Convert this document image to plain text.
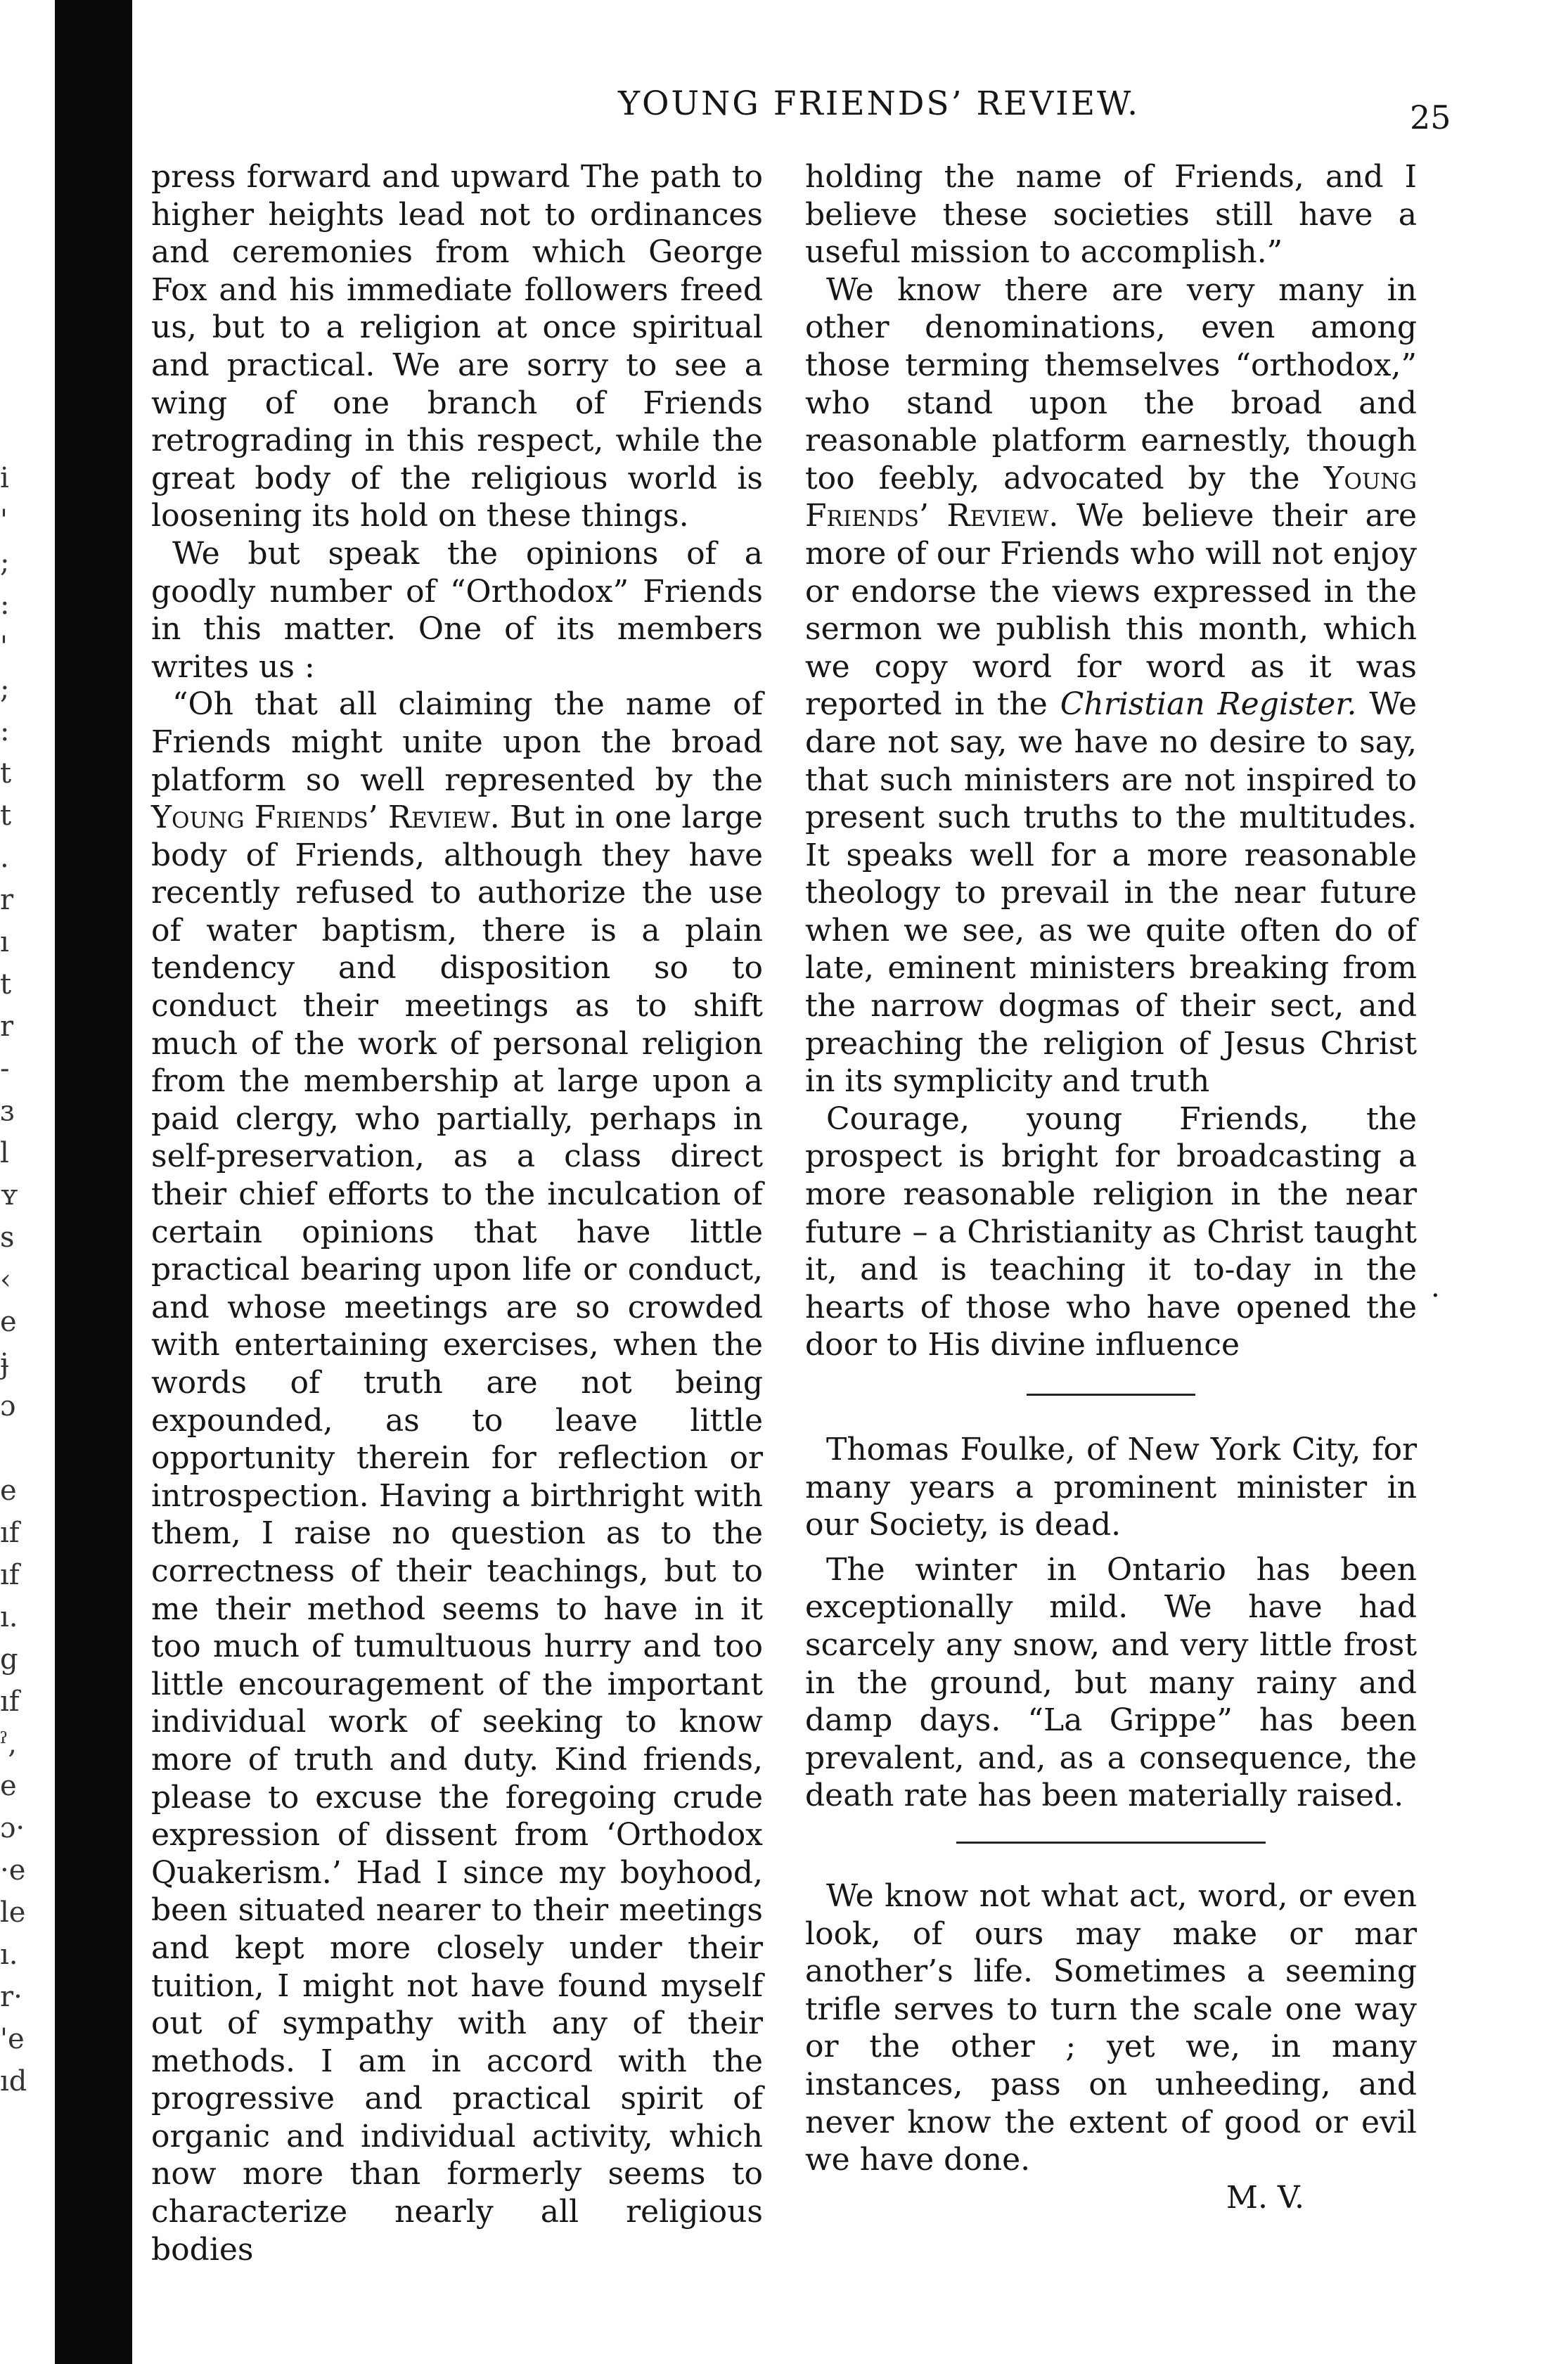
i
'
;
:
'
;
:
t
t
.
r
ı
t
r
-
ɜ
l
ʏ
s
‹
e
ɉ
ɔ

e
ıf
ıf
ı.
g
ıf
ˀ,
e
ɔ·
·e
le
ı.
r·
'e
ıd
YOUNG FRIENDS’ REVIEW.	25

press forward and upward The path to higher heights lead not to ordinances and ceremonies from which George Fox and his immediate followers freed us, but to a religion at once spiritual and practical. We are sorry to see a wing of one branch of Friends retrograding in this respect, while the great body of the religious world is loosening its hold on these things.

We but speak the opinions of a goodly number of “Orthodox” Friends in this matter. One of its members writes us :

“Oh that all claiming the name of Friends might unite upon the broad platform so well represented by the Young Friends’ Review. But in one large body of Friends, although they have recently refused to authorize the use of water baptism, there is a plain tendency and disposition so to conduct their meetings as to shift much of the work of personal religion from the membership at large upon a paid clergy, who partially, perhaps in self-preservation, as a class direct their chief efforts to the inculcation of certain opinions that have little practical bearing upon life or conduct, and whose meetings are so crowded with entertaining exercises, when the words of truth are not being expounded, as to leave little opportunity therein for reflection or introspection. Having a birthright with them, I raise no question as to the correctness of their teachings, but to me their method seems to have in it too much of tumultuous hurry and too little encouragement of the important individual work of seeking to know more of truth and duty. Kind friends, please to excuse the foregoing crude expression of dissent from ‘Orthodox Quakerism.’ Had I since my boyhood, been situated nearer to their meetings and kept more closely under their tuition, I might not have found myself out of sympathy with any of their methods. I am in accord with the progressive and practical spirit of organic and individual activity, which now more than formerly seems to characterize nearly all religious bodies

holding the name of Friends, and I believe these societies still have a useful mission to accomplish.”

We know there are very many in other denominations, even among those terming themselves “orthodox,” who stand upon the broad and reasonable platform earnestly, though too feebly, advocated by the Young Friends’ Review. We believe their are more of our Friends who will not enjoy or endorse the views expressed in the sermon we publish this month, which we copy word for word as it was reported in the Christian Register. We dare not say, we have no desire to say, that such ministers are not inspired to present such truths to the multitudes. It speaks well for a more reasonable theology to prevail in the near future when we see, as we quite often do of late, eminent ministers breaking from the narrow dogmas of their sect, and preaching the religion of Jesus Christ in its symplicity and truth

Courage, young Friends, the prospect is bright for broadcasting a more reasonable religion in the near future – a Christianity as Christ taught it, and is teaching it to-day in the hearts of those who have opened the door to His divine influence

Thomas Foulke, of New York City, for many years a prominent minister in our Society, is dead.

The winter in Ontario has been exceptionally mild. We have had scarcely any snow, and very little frost in the ground, but many rainy and damp days. “La Grippe” has been prevalent, and, as a consequence, the death rate has been materially raised.

We know not what act, word, or even look, of ours may make or mar another’s life. Sometimes a seeming trifle serves to turn the scale one way or the other ; yet we, in many instances, pass on unheeding, and never know the extent of good or evil we have done.

M. V.

·
